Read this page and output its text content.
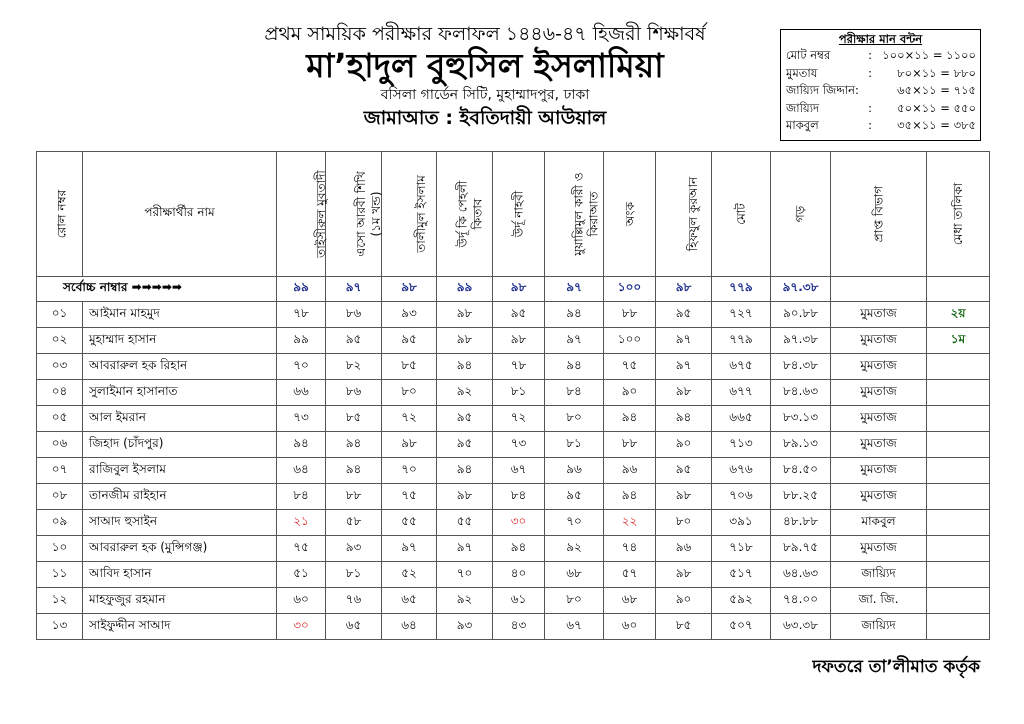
প্রথম সাময়িক পরীক্ষার ফলাফল ১৪৪৬-৪৭ হিজরী শিক্ষাবর্ষ
মা’হাদুল বুহুসিল ইসলামিয়া
বসিলা গার্ডেন সিটি, মুহাম্মাদপুর, ঢাকা
জামাআত : ইবতিদায়ী আউয়াল
পরীক্ষার মান বন্টন
মোট নম্বর	: ১০০×১১ = ১১০০
মুমতায	:	৮০×১১ = ৮৮০
জায়্যিদ জিদ্দান:	৬৫×১১ = ৭১৫
জায়্যিদ	:	৫০×১১ = ৫৫০
মাকবুল	:	৩৫×১১ = ৩৮৫
রোল নম্বর	পরীক্ষার্থীর নাম	তাইসীরুল মুবতাদী	এসো আরবী শিখি
(১ম খন্ড)	তালীমুল ইসলাম	উর্দূ কি পেহলী
কিতাব	উর্দূ নাহবী	মুয়াল্লিমুল কারী ও
কিরাআত	অংক	হিফযুল কুরআন	মোট	গড়	প্রাপ্ত বিভাগ	মেধা তালিকা
সর্বোচ্চ নাম্বার ➡➡➡➡➡		৯৯	৯৭	৯৮	৯৯	৯৮	৯৭	১০০	৯৮	৭৭৯	৯৭.৩৮		
০১	আইমান মাহমুদ	৭৮	৮৬	৯৩	৯৮	৯৫	৯৪	৮৮	৯৫	৭২৭	৯০.৮৮	মুমতাজ	২য়
০২	মুহাম্মাদ হাসান	৯৯	৯৫	৯৫	৯৮	৯৮	৯৭	১০০	৯৭	৭৭৯	৯৭.৩৮	মুমতাজ	১ম
০৩	আবরারুল হক রিহান	৭০	৮২	৮৫	৯৪	৭৮	৯৪	৭৫	৯৭	৬৭৫	৮৪.৩৮	মুমতাজ	
০৪	সুলাইমান হাসানাত	৬৬	৮৬	৮০	৯২	৮১	৮৪	৯০	৯৮	৬৭৭	৮৪.৬৩	মুমতাজ	
০৫	আল ইমরান	৭৩	৮৫	৭২	৯৫	৭২	৮০	৯৪	৯৪	৬৬৫	৮৩.১৩	মুমতাজ	
০৬	জিহাদ (চাঁদপুর)	৯৪	৯৪	৯৮	৯৫	৭৩	৮১	৮৮	৯০	৭১৩	৮৯.১৩	মুমতাজ	
০৭	রাজিবুল ইসলাম	৬৪	৯৪	৭০	৯৪	৬৭	৯৬	৯৬	৯৫	৬৭৬	৮৪.৫০	মুমতাজ	
০৮	তানজীম রাইহান	৮৪	৮৮	৭৫	৯৮	৮৪	৯৫	৯৪	৯৮	৭০৬	৮৮.২৫	মুমতাজ	
০৯	সাআদ হুসাইন	২১	৫৮	৫৫	৫৫	৩০	৭০	২২	৮০	৩৯১	৪৮.৮৮	মাকবুল	
১০	আবরারুল হক (মুন্সিগঞ্জ)	৭৫	৯৩	৯৭	৯৭	৯৪	৯২	৭৪	৯৬	৭১৮	৮৯.৭৫	মুমতাজ	
১১	আবিদ হাসান	৫১	৮১	৫২	৭০	৪০	৬৮	৫৭	৯৮	৫১৭	৬৪.৬৩	জায়্যিদ	
১২	মাহফুজুর রহমান	৬০	৭৬	৬৫	৯২	৬১	৮০	৬৮	৯০	৫৯২	৭৪.০০	জা. জি.	
১৩	সাইফুদ্দীন সাআদ	৩০	৬৫	৬৪	৯৩	৪৩	৬৭	৬০	৮৫	৫০৭	৬৩.৩৮	জায়্যিদ	
দফতরে তা’লীমাত কর্তৃক
